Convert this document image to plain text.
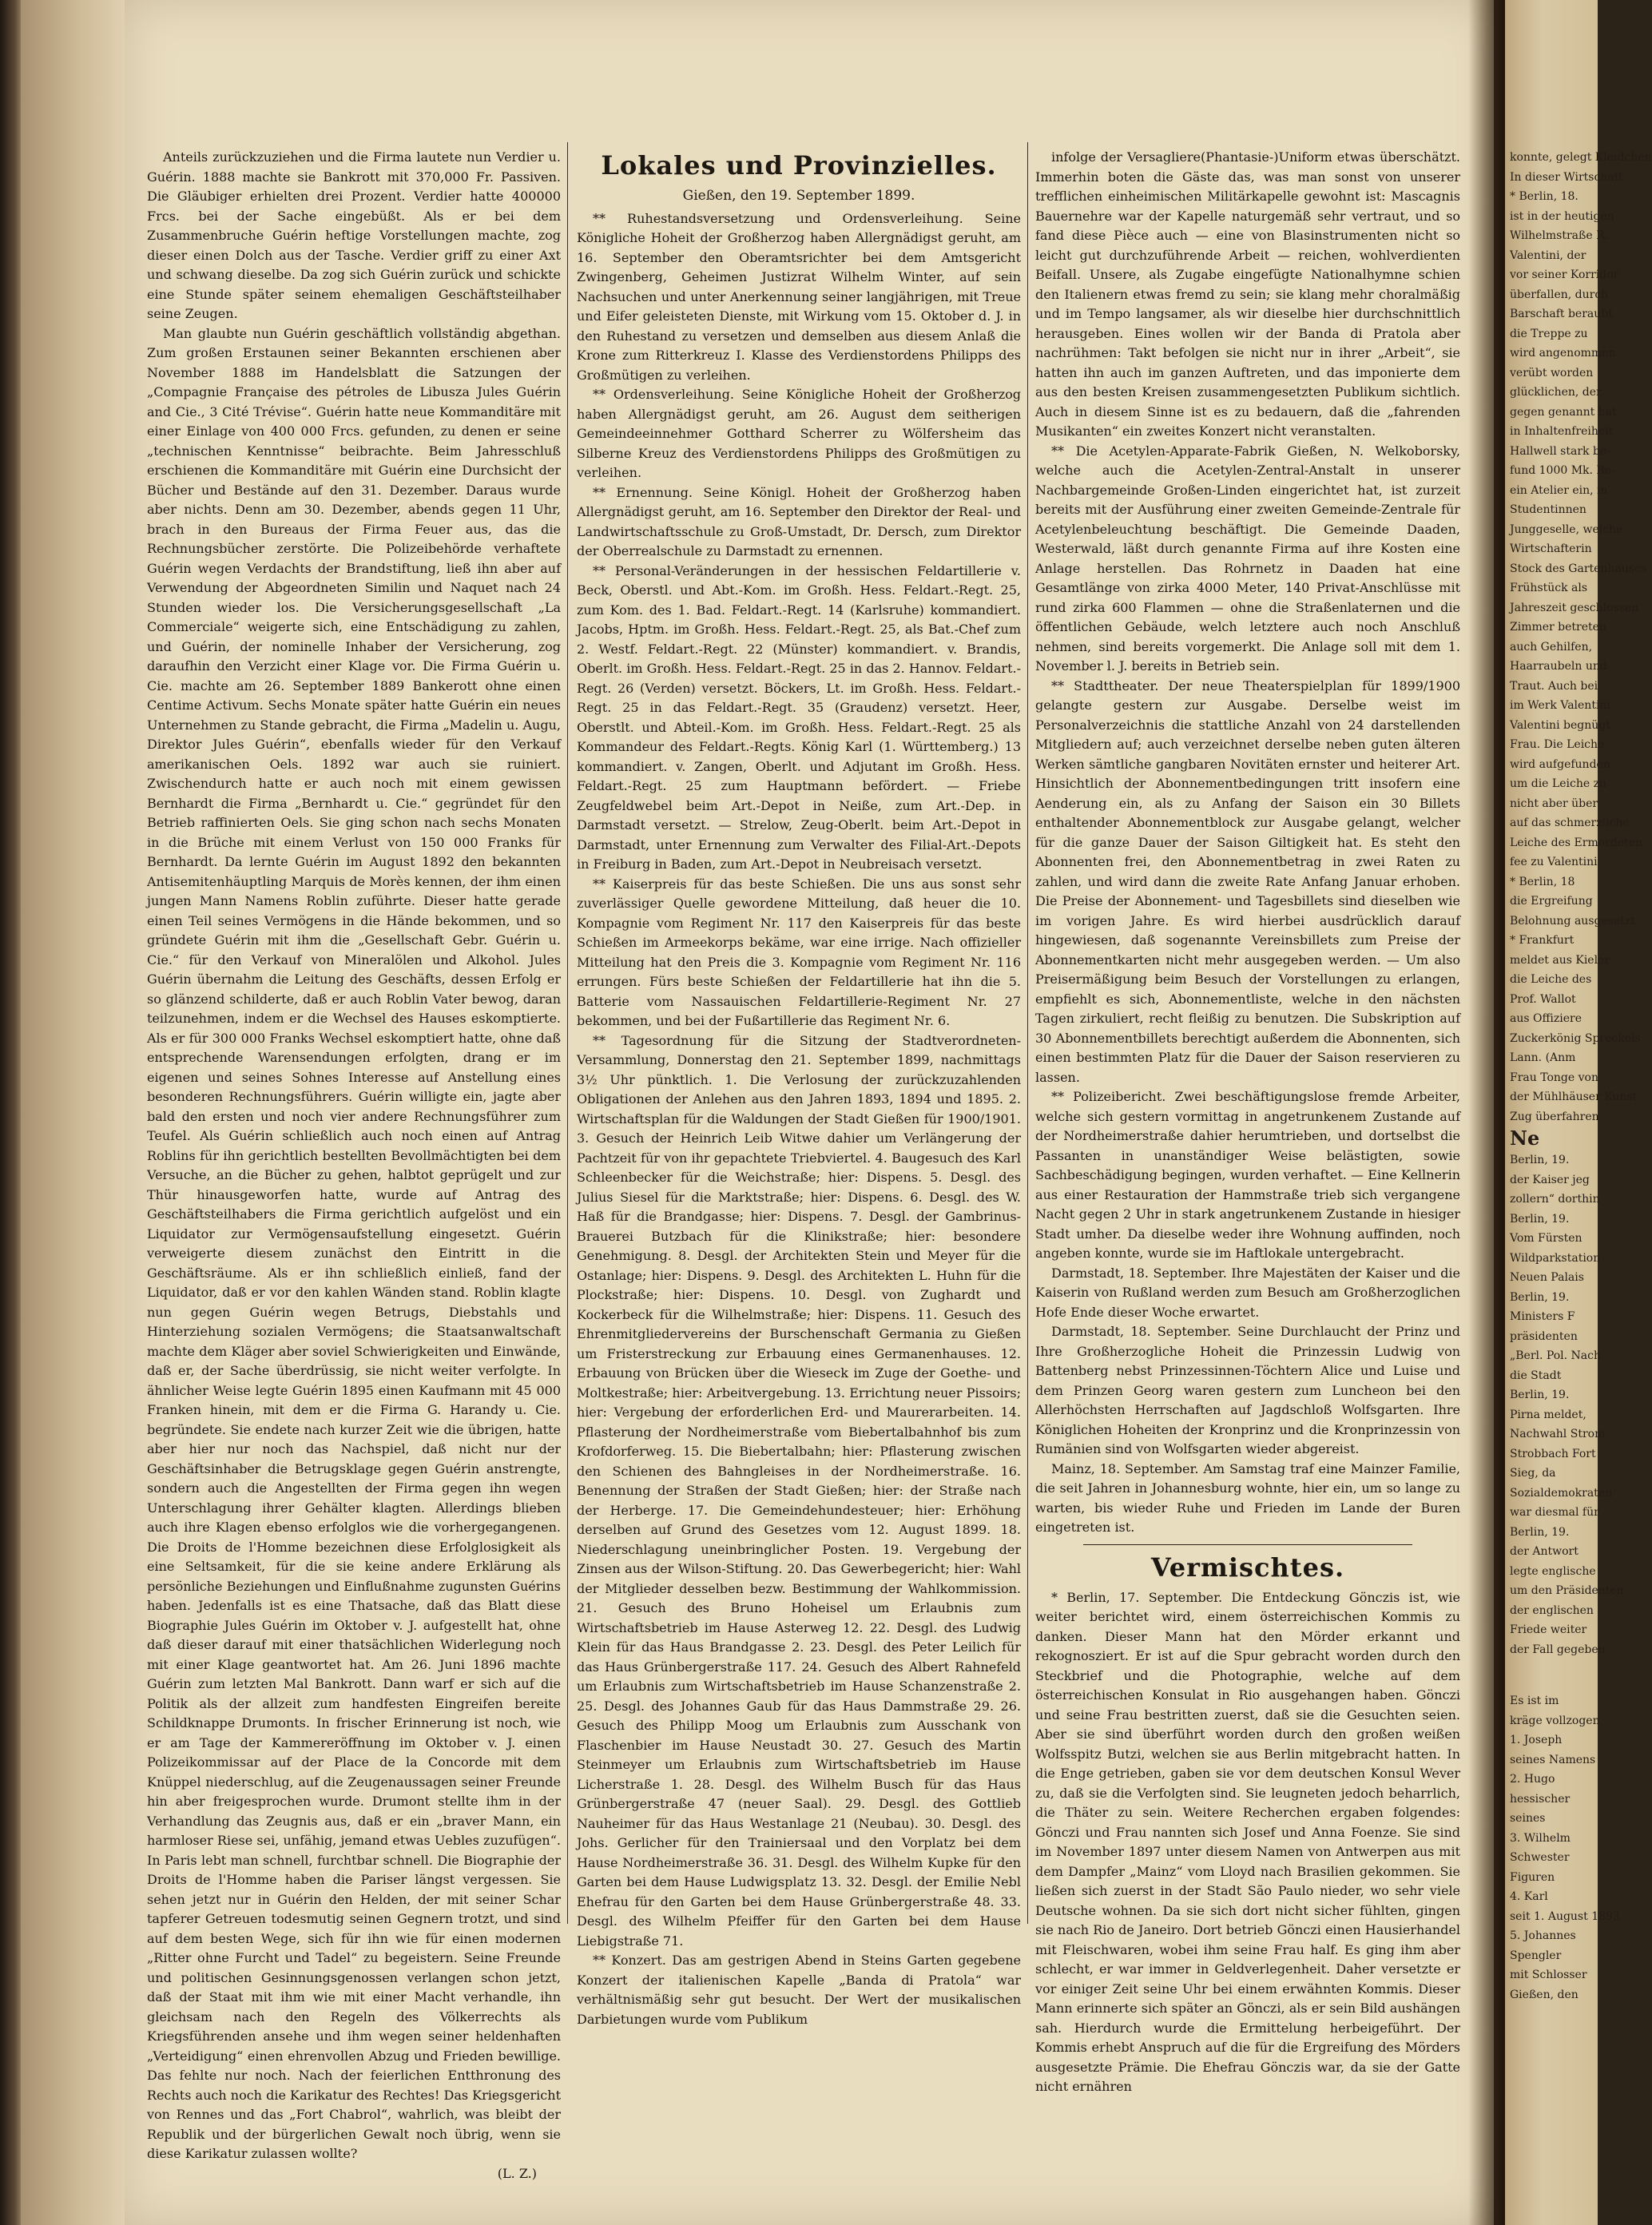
Anteils zurückzuziehen und die Firma lautete nun Verdier u. Guérin. 1888 machte sie Bankrott mit 370,000 Fr. Passiven. Die Gläubiger erhielten drei Prozent. Verdier hatte 400000 Frcs. bei der Sache eingebüßt. Als er bei dem Zusammenbruche Guérin heftige Vorstellungen machte, zog dieser einen Dolch aus der Tasche. Verdier griff zu einer Axt und schwang dieselbe. Da zog sich Guérin zurück und schickte eine Stunde später seinem ehemaligen Geschäftsteilhaber seine Zeugen.

Man glaubte nun Guérin geschäftlich vollständig abgethan. Zum großen Erstaunen seiner Bekannten erschienen aber November 1888 im Handelsblatt die Satzungen der „Compagnie Française des pétroles de Libusza Jules Guérin and Cie., 3 Cité Trévise“. Guérin hatte neue Kommanditäre mit einer Einlage von 400 000 Frcs. gefunden, zu denen er seine „technischen Kenntnisse“ beibrachte. Beim Jahresschluß erschienen die Kommanditäre mit Guérin eine Durchsicht der Bücher und Bestände auf den 31. Dezember. Daraus wurde aber nichts. Denn am 30. Dezember, abends gegen 11 Uhr, brach in den Bureaus der Firma Feuer aus, das die Rechnungsbücher zerstörte. Die Polizeibehörde verhaftete Guérin wegen Verdachts der Brandstiftung, ließ ihn aber auf Verwendung der Abgeordneten Similin und Naquet nach 24 Stunden wieder los. Die Versicherungsgesellschaft „La Commerciale“ weigerte sich, eine Entschädigung zu zahlen, und Guérin, der nominelle Inhaber der Versicherung, zog daraufhin den Verzicht einer Klage vor. Die Firma Guérin u. Cie. machte am 26. September 1889 Bankerott ohne einen Centime Activum. Sechs Monate später hatte Guérin ein neues Unternehmen zu Stande gebracht, die Firma „Madelin u. Augu, Direktor Jules Guérin“, ebenfalls wieder für den Verkauf amerikanischen Oels. 1892 war auch sie ruiniert. Zwischendurch hatte er auch noch mit einem gewissen Bernhardt die Firma „Bernhardt u. Cie.“ gegründet für den Betrieb raffinierten Oels. Sie ging schon nach sechs Monaten in die Brüche mit einem Verlust von 150 000 Franks für Bernhardt. Da lernte Guérin im August 1892 den bekannten Antisemitenhäuptling Marquis de Morès kennen, der ihm einen jungen Mann Namens Roblin zuführte. Dieser hatte gerade einen Teil seines Vermögens in die Hände bekommen, und so gründete Guérin mit ihm die „Gesellschaft Gebr. Guérin u. Cie.“ für den Verkauf von Mineralölen und Alkohol. Jules Guérin übernahm die Leitung des Geschäfts, dessen Erfolg er so glänzend schilderte, daß er auch Roblin Vater bewog, daran teilzunehmen, indem er die Wechsel des Hauses eskomptierte. Als er für 300 000 Franks Wechsel eskomptiert hatte, ohne daß entsprechende Warensendungen erfolgten, drang er im eigenen und seines Sohnes Interesse auf Anstellung eines besonderen Rechnungsführers. Guérin willigte ein, jagte aber bald den ersten und noch vier andere Rechnungsführer zum Teufel. Als Guérin schließlich auch noch einen auf Antrag Roblins für ihn gerichtlich bestellten Bevollmächtigten bei dem Versuche, an die Bücher zu gehen, halbtot geprügelt und zur Thür hinausgeworfen hatte, wurde auf Antrag des Geschäftsteilhabers die Firma gerichtlich aufgelöst und ein Liquidator zur Vermögensaufstellung eingesetzt. Guérin verweigerte diesem zunächst den Eintritt in die Geschäftsräume. Als er ihn schließlich einließ, fand der Liquidator, daß er vor den kahlen Wänden stand. Roblin klagte nun gegen Guérin wegen Betrugs, Diebstahls und Hinterziehung sozialen Vermögens; die Staatsanwaltschaft machte dem Kläger aber soviel Schwierigkeiten und Einwände, daß er, der Sache überdrüssig, sie nicht weiter verfolgte. In ähnlicher Weise legte Guérin 1895 einen Kaufmann mit 45 000 Franken hinein, mit dem er die Firma G. Harandy u. Cie. begründete. Sie endete nach kurzer Zeit wie die übrigen, hatte aber hier nur noch das Nachspiel, daß nicht nur der Geschäftsinhaber die Betrugsklage gegen Guérin anstrengte, sondern auch die Angestellten der Firma gegen ihn wegen Unterschlagung ihrer Gehälter klagten. Allerdings blieben auch ihre Klagen ebenso erfolglos wie die vorhergegangenen. Die Droits de l'Homme bezeichnen diese Erfolglosigkeit als eine Seltsamkeit, für die sie keine andere Erklärung als persönliche Beziehungen und Einflußnahme zugunsten Guérins haben. Jedenfalls ist es eine Thatsache, daß das Blatt diese Biographie Jules Guérin im Oktober v. J. aufgestellt hat, ohne daß dieser darauf mit einer thatsächlichen Widerlegung noch mit einer Klage geantwortet hat. Am 26. Juni 1896 machte Guérin zum letzten Mal Bankrott. Dann warf er sich auf die Politik als der allzeit zum handfesten Eingreifen bereite Schildknappe Drumonts. In frischer Erinnerung ist noch, wie er am Tage der Kammereröffnung im Oktober v. J. einen Polizeikommissar auf der Place de la Concorde mit dem Knüppel niederschlug, auf die Zeugenaussagen seiner Freunde hin aber freigesprochen wurde. Drumont stellte ihm in der Verhandlung das Zeugnis aus, daß er ein „braver Mann, ein harmloser Riese sei, unfähig, jemand etwas Uebles zuzufügen“. In Paris lebt man schnell, furchtbar schnell. Die Biographie der Droits de l'Homme haben die Pariser längst vergessen. Sie sehen jetzt nur in Guérin den Helden, der mit seiner Schar tapferer Getreuen todesmutig seinen Gegnern trotzt, und sind auf dem besten Wege, sich für ihn wie für einen modernen „Ritter ohne Furcht und Tadel“ zu begeistern. Seine Freunde und politischen Gesinnungsgenossen verlangen schon jetzt, daß der Staat mit ihm wie mit einer Macht verhandle, ihn gleichsam nach den Regeln des Völkerrechts als Kriegsführenden ansehe und ihm wegen seiner heldenhaften „Verteidigung“ einen ehrenvollen Abzug und Frieden bewillige. Das fehlte nur noch. Nach der feierlichen Entthronung des Rechts auch noch die Karikatur des Rechtes! Das Kriegsgericht von Rennes und das „Fort Chabrol“, wahrlich, was bleibt der Republik und der bürgerlichen Gewalt noch übrig, wenn sie diese Karikatur zulassen wollte?

(L. Z.)
Lokales und Provinzielles.
Gießen, den 19. September 1899.

** Ruhestandsversetzung und Ordensverleihung. Seine Königliche Hoheit der Großherzog haben Allergnädigst geruht, am 16. September den Oberamtsrichter bei dem Amtsgericht Zwingenberg, Geheimen Justizrat Wilhelm Winter, auf sein Nachsuchen und unter Anerkennung seiner langjährigen, mit Treue und Eifer geleisteten Dienste, mit Wirkung vom 15. Oktober d. J. in den Ruhestand zu versetzen und demselben aus diesem Anlaß die Krone zum Ritterkreuz I. Klasse des Verdienstordens Philipps des Großmütigen zu verleihen.

** Ordensverleihung. Seine Königliche Hoheit der Großherzog haben Allergnädigst geruht, am 26. August dem seitherigen Gemeindeeinnehmer Gotthard Scherrer zu Wölfersheim das Silberne Kreuz des Verdienstordens Philipps des Großmütigen zu verleihen.

** Ernennung. Seine Königl. Hoheit der Großherzog haben Allergnädigst geruht, am 16. September den Direktor der Real- und Landwirtschaftsschule zu Groß-Umstadt, Dr. Dersch, zum Direktor der Oberrealschule zu Darmstadt zu ernennen.

** Personal-Veränderungen in der hessischen Feldartillerie v. Beck, Oberstl. und Abt.-Kom. im Großh. Hess. Feldart.-Regt. 25, zum Kom. des 1. Bad. Feldart.-Regt. 14 (Karlsruhe) kommandiert. Jacobs, Hptm. im Großh. Hess. Feldart.-Regt. 25, als Bat.-Chef zum 2. Westf. Feldart.-Regt. 22 (Münster) kommandiert. v. Brandis, Oberlt. im Großh. Hess. Feldart.-Regt. 25 in das 2. Hannov. Feldart.-Regt. 26 (Verden) versetzt. Böckers, Lt. im Großh. Hess. Feldart.-Regt. 25 in das Feldart.-Regt. 35 (Graudenz) versetzt. Heer, Oberstlt. und Abteil.-Kom. im Großh. Hess. Feldart.-Regt. 25 als Kommandeur des Feldart.-Regts. König Karl (1. Württemberg.) 13 kommandiert. v. Zangen, Oberlt. und Adjutant im Großh. Hess. Feldart.-Regt. 25 zum Hauptmann befördert. — Friebe Zeugfeldwebel beim Art.-Depot in Neiße, zum Art.-Dep. in Darmstadt versetzt. — Strelow, Zeug-Oberlt. beim Art.-Depot in Darmstadt, unter Ernennung zum Verwalter des Filial-Art.-Depots in Freiburg in Baden, zum Art.-Depot in Neubreisach versetzt.

** Kaiserpreis für das beste Schießen. Die uns aus sonst sehr zuverlässiger Quelle gewordene Mitteilung, daß heuer die 10. Kompagnie vom Regiment Nr. 117 den Kaiserpreis für das beste Schießen im Armeekorps bekäme, war eine irrige. Nach offizieller Mitteilung hat den Preis die 3. Kompagnie vom Regiment Nr. 116 errungen. Fürs beste Schießen der Feldartillerie hat ihn die 5. Batterie vom Nassauischen Feldartillerie-Regiment Nr. 27 bekommen, und bei der Fußartillerie das Regiment Nr. 6.

** Tagesordnung für die Sitzung der Stadtverordneten-Versammlung, Donnerstag den 21. September 1899, nachmittags 3½ Uhr pünktlich. 1. Die Verlosung der zurückzuzahlenden Obligationen der Anlehen aus den Jahren 1893, 1894 und 1895. 2. Wirtschaftsplan für die Waldungen der Stadt Gießen für 1900/1901. 3. Gesuch der Heinrich Leib Witwe dahier um Verlängerung der Pachtzeit für von ihr gepachtete Triebviertel. 4. Baugesuch des Karl Schleenbecker für die Weichstraße; hier: Dispens. 5. Desgl. des Julius Siesel für die Marktstraße; hier: Dispens. 6. Desgl. des W. Haß für die Brandgasse; hier: Dispens. 7. Desgl. der Gambrinus-Brauerei Butzbach für die Klinikstraße; hier: besondere Genehmigung. 8. Desgl. der Architekten Stein und Meyer für die Ostanlage; hier: Dispens. 9. Desgl. des Architekten L. Huhn für die Plockstraße; hier: Dispens. 10. Desgl. von Zughardt und Kockerbeck für die Wilhelmstraße; hier: Dispens. 11. Gesuch des Ehrenmitgliedervereins der Burschenschaft Germania zu Gießen um Fristerstreckung zur Erbauung eines Germanenhauses. 12. Erbauung von Brücken über die Wieseck im Zuge der Goethe- und Moltkestraße; hier: Arbeitvergebung. 13. Errichtung neuer Pissoirs; hier: Vergebung der erforderlichen Erd- und Maurerarbeiten. 14. Pflasterung der Nordheimerstraße vom Biebertalbahnhof bis zum Krofdorferweg. 15. Die Biebertalbahn; hier: Pflasterung zwischen den Schienen des Bahngleises in der Nordheimerstraße. 16. Benennung der Straßen der Stadt Gießen; hier: der Straße nach der Herberge. 17. Die Gemeindehundesteuer; hier: Erhöhung derselben auf Grund des Gesetzes vom 12. August 1899. 18. Niederschlagung uneinbringlicher Posten. 19. Vergebung der Zinsen aus der Wilson-Stiftung. 20. Das Gewerbegericht; hier: Wahl der Mitglieder desselben bezw. Bestimmung der Wahlkommission. 21. Gesuch des Bruno Hoheisel um Erlaubnis zum Wirtschaftsbetrieb im Hause Asterweg 12. 22. Desgl. des Ludwig Klein für das Haus Brandgasse 2. 23. Desgl. des Peter Leilich für das Haus Grünbergerstraße 117. 24. Gesuch des Albert Rahnefeld um Erlaubnis zum Wirtschaftsbetrieb im Hause Schanzenstraße 2. 25. Desgl. des Johannes Gaub für das Haus Dammstraße 29. 26. Gesuch des Philipp Moog um Erlaubnis zum Ausschank von Flaschenbier im Hause Neustadt 30. 27. Gesuch des Martin Steinmeyer um Erlaubnis zum Wirtschaftsbetrieb im Hause Licherstraße 1. 28. Desgl. des Wilhelm Busch für das Haus Grünbergerstraße 47 (neuer Saal). 29. Desgl. des Gottlieb Nauheimer für das Haus Westanlage 21 (Neubau). 30. Desgl. des Johs. Gerlicher für den Trainiersaal und den Vorplatz bei dem Hause Nordheimerstraße 36. 31. Desgl. des Wilhelm Kupke für den Garten bei dem Hause Ludwigsplatz 13. 32. Desgl. der Emilie Nebl Ehefrau für den Garten bei dem Hause Grünbergerstraße 48. 33. Desgl. des Wilhelm Pfeiffer für den Garten bei dem Hause Liebigstraße 71.

** Konzert. Das am gestrigen Abend in Steins Garten gegebene Konzert der italienischen Kapelle „Banda di Pratola“ war verhältnismäßig sehr gut besucht. Der Wert der musikalischen Darbietungen wurde vom Publikum

infolge der Versagliere(Phantasie-)Uniform etwas überschätzt. Immerhin boten die Gäste das, was man sonst von unserer trefflichen einheimischen Militärkapelle gewohnt ist: Mascagnis Bauernehre war der Kapelle naturgemäß sehr vertraut, und so fand diese Pièce auch — eine von Blasinstrumenten nicht so leicht gut durchzuführende Arbeit — reichen, wohlverdienten Beifall. Unsere, als Zugabe eingefügte Nationalhymne schien den Italienern etwas fremd zu sein; sie klang mehr choralmäßig und im Tempo langsamer, als wir dieselbe hier durchschnittlich herausgeben. Eines wollen wir der Banda di Pratola aber nachrühmen: Takt befolgen sie nicht nur in ihrer „Arbeit“, sie hatten ihn auch im ganzen Auftreten, und das imponierte dem aus den besten Kreisen zusammengesetzten Publikum sichtlich. Auch in diesem Sinne ist es zu bedauern, daß die „fahrenden Musikanten“ ein zweites Konzert nicht veranstalten.

** Die Acetylen-Apparate-Fabrik Gießen, N. Welkoborsky, welche auch die Acetylen-Zentral-Anstalt in unserer Nachbargemeinde Großen-Linden eingerichtet hat, ist zurzeit bereits mit der Ausführung einer zweiten Gemeinde-Zentrale für Acetylenbeleuchtung beschäftigt. Die Gemeinde Daaden, Westerwald, läßt durch genannte Firma auf ihre Kosten eine Anlage herstellen. Das Rohrnetz in Daaden hat eine Gesamtlänge von zirka 4000 Meter, 140 Privat-Anschlüsse mit rund zirka 600 Flammen — ohne die Straßenlaternen und die öffentlichen Gebäude, welch letztere auch noch Anschluß nehmen, sind bereits vorgemerkt. Die Anlage soll mit dem 1. November l. J. bereits in Betrieb sein.

** Stadttheater. Der neue Theaterspielplan für 1899/1900 gelangte gestern zur Ausgabe. Derselbe weist im Personalverzeichnis die stattliche Anzahl von 24 darstellenden Mitgliedern auf; auch verzeichnet derselbe neben guten älteren Werken sämtliche gangbaren Novitäten ernster und heiterer Art. Hinsichtlich der Abonnementbedingungen tritt insofern eine Aenderung ein, als zu Anfang der Saison ein 30 Billets enthaltender Abonnementblock zur Ausgabe gelangt, welcher für die ganze Dauer der Saison Giltigkeit hat. Es steht den Abonnenten frei, den Abonnementbetrag in zwei Raten zu zahlen, und wird dann die zweite Rate Anfang Januar erhoben. Die Preise der Abonnement- und Tagesbillets sind dieselben wie im vorigen Jahre. Es wird hierbei ausdrücklich darauf hingewiesen, daß sogenannte Vereinsbillets zum Preise der Abonnementkarten nicht mehr ausgegeben werden. — Um also Preisermäßigung beim Besuch der Vorstellungen zu erlangen, empfiehlt es sich, Abonnementliste, welche in den nächsten Tagen zirkuliert, recht fleißig zu benutzen. Die Subskription auf 30 Abonnementbillets berechtigt außerdem die Abonnenten, sich einen bestimmten Platz für die Dauer der Saison reservieren zu lassen.

** Polizeibericht. Zwei beschäftigungslose fremde Arbeiter, welche sich gestern vormittag in angetrunkenem Zustande auf der Nordheimerstraße dahier herumtrieben, und dortselbst die Passanten in unanständiger Weise belästigten, sowie Sachbeschädigung begingen, wurden verhaftet. — Eine Kellnerin aus einer Restauration der Hammstraße trieb sich vergangene Nacht gegen 2 Uhr in stark angetrunkenem Zustande in hiesiger Stadt umher. Da dieselbe weder ihre Wohnung auffinden, noch angeben konnte, wurde sie im Haftlokale untergebracht.

Darmstadt, 18. September. Ihre Majestäten der Kaiser und die Kaiserin von Rußland werden zum Besuch am Großherzoglichen Hofe Ende dieser Woche erwartet.

Darmstadt, 18. September. Seine Durchlaucht der Prinz und Ihre Großherzogliche Hoheit die Prinzessin Ludwig von Battenberg nebst Prinzessinnen-Töchtern Alice und Luise und dem Prinzen Georg waren gestern zum Luncheon bei den Allerhöchsten Herrschaften auf Jagdschloß Wolfsgarten. Ihre Königlichen Hoheiten der Kronprinz und die Kronprinzessin von Rumänien sind von Wolfsgarten wieder abgereist.

Mainz, 18. September. Am Samstag traf eine Mainzer Familie, die seit Jahren in Johannesburg wohnte, hier ein, um so lange zu warten, bis wieder Ruhe und Frieden im Lande der Buren eingetreten ist.

Vermischtes.

* Berlin, 17. September. Die Entdeckung Gönczis ist, wie weiter berichtet wird, einem österreichischen Kommis zu danken. Dieser Mann hat den Mörder erkannt und rekognosziert. Er ist auf die Spur gebracht worden durch den Steckbrief und die Photographie, welche auf dem österreichischen Konsulat in Rio ausgehangen haben. Gönczi und seine Frau bestritten zuerst, daß sie die Gesuchten seien. Aber sie sind überführt worden durch den großen weißen Wolfsspitz Butzi, welchen sie aus Berlin mitgebracht hatten. In die Enge getrieben, gaben sie vor dem deutschen Konsul Wever zu, daß sie die Verfolgten sind. Sie leugneten jedoch beharrlich, die Thäter zu sein. Weitere Recherchen ergaben folgendes: Gönczi und Frau nannten sich Josef und Anna Foenze. Sie sind im November 1897 unter diesem Namen von Antwerpen aus mit dem Dampfer „Mainz“ vom Lloyd nach Brasilien gekommen. Sie ließen sich zuerst in der Stadt São Paulo nieder, wo sehr viele Deutsche wohnen. Da sie sich dort nicht sicher fühlten, gingen sie nach Rio de Janeiro. Dort betrieb Gönczi einen Hausierhandel mit Fleischwaren, wobei ihm seine Frau half. Es ging ihm aber schlecht, er war immer in Geldverlegenheit. Daher versetzte er vor einiger Zeit seine Uhr bei einem erwähnten Kommis. Dieser Mann erinnerte sich später an Gönczi, als er sein Bild aushängen sah. Hierdurch wurde die Ermittelung herbeigeführt. Der Kommis erhebt Anspruch auf die für die Ergreifung des Mörders ausgesetzte Prämie. Die Ehefrau Gönczis war, da sie der Gatte nicht ernähren

konnte, gelegt Kleidchen
In dieser Wirtschaft
* Berlin, 18.
ist in der heutigen
Wilhelmstraße R.
Valentini, der
vor seiner Korridor
überfallen, durch
Barschaft beraubt
die Treppe zu
wird angenommen
verübt worden
glücklichen, der
gegen genannt hat
in Inhaltenfreiheit
Hallwell stark be-
fund 1000 Mk. Be-
ein Atelier ein, in
Studentinnen
Junggeselle, welche
Wirtschafterin
Stock des Gartenhauses
Frühstück als
Jahreszeit geschlossen
Zimmer betreten
auch Gehilfen,
Haarraubeln und
Traut. Auch bei
im Werk Valentini
Valentini begnügt
Frau. Die Leiche
wird aufgefunden
um die Leiche zu
nicht aber über
auf das schmerzliche
Leiche des Ermordeten
fee zu Valentini
* Berlin, 18
die Ergreifung
Belohnung ausgesetzt
* Frankfurt
meldet aus Kieler
die Leiche des
Prof. Wallot
aus Offiziere
Zuckerkönig Spreckels
Lann. (Anm
Frau Tonge von
der Mühlhäuser Kunst
Zug überfahren
Ne
Berlin, 19.
der Kaiser jeg
zollern“ dorthin
Berlin, 19.
Vom Fürsten
Wildparkstation
Neuen Palais
Berlin, 19.
Ministers F
präsidenten
„Berl. Pol. Nach
die Stadt
Berlin, 19.
Pirna meldet,
Nachwahl Strom
Strobbach Fort
Sieg, da
Sozialdemokraten
war diesmal für
Berlin, 19.
der Antwort
legte englische
um den Präsidenten
der englischen
Friede weiter
der Fall gegeben
Es ist im
kräge vollzogen
1. Joseph
seines Namens
2. Hugo
hessischer
seines
3. Wilhelm
Schwester
Figuren
4. Karl
seit 1. August 1893
5. Johannes
Spengler
mit Schlosser
Gießen, den
